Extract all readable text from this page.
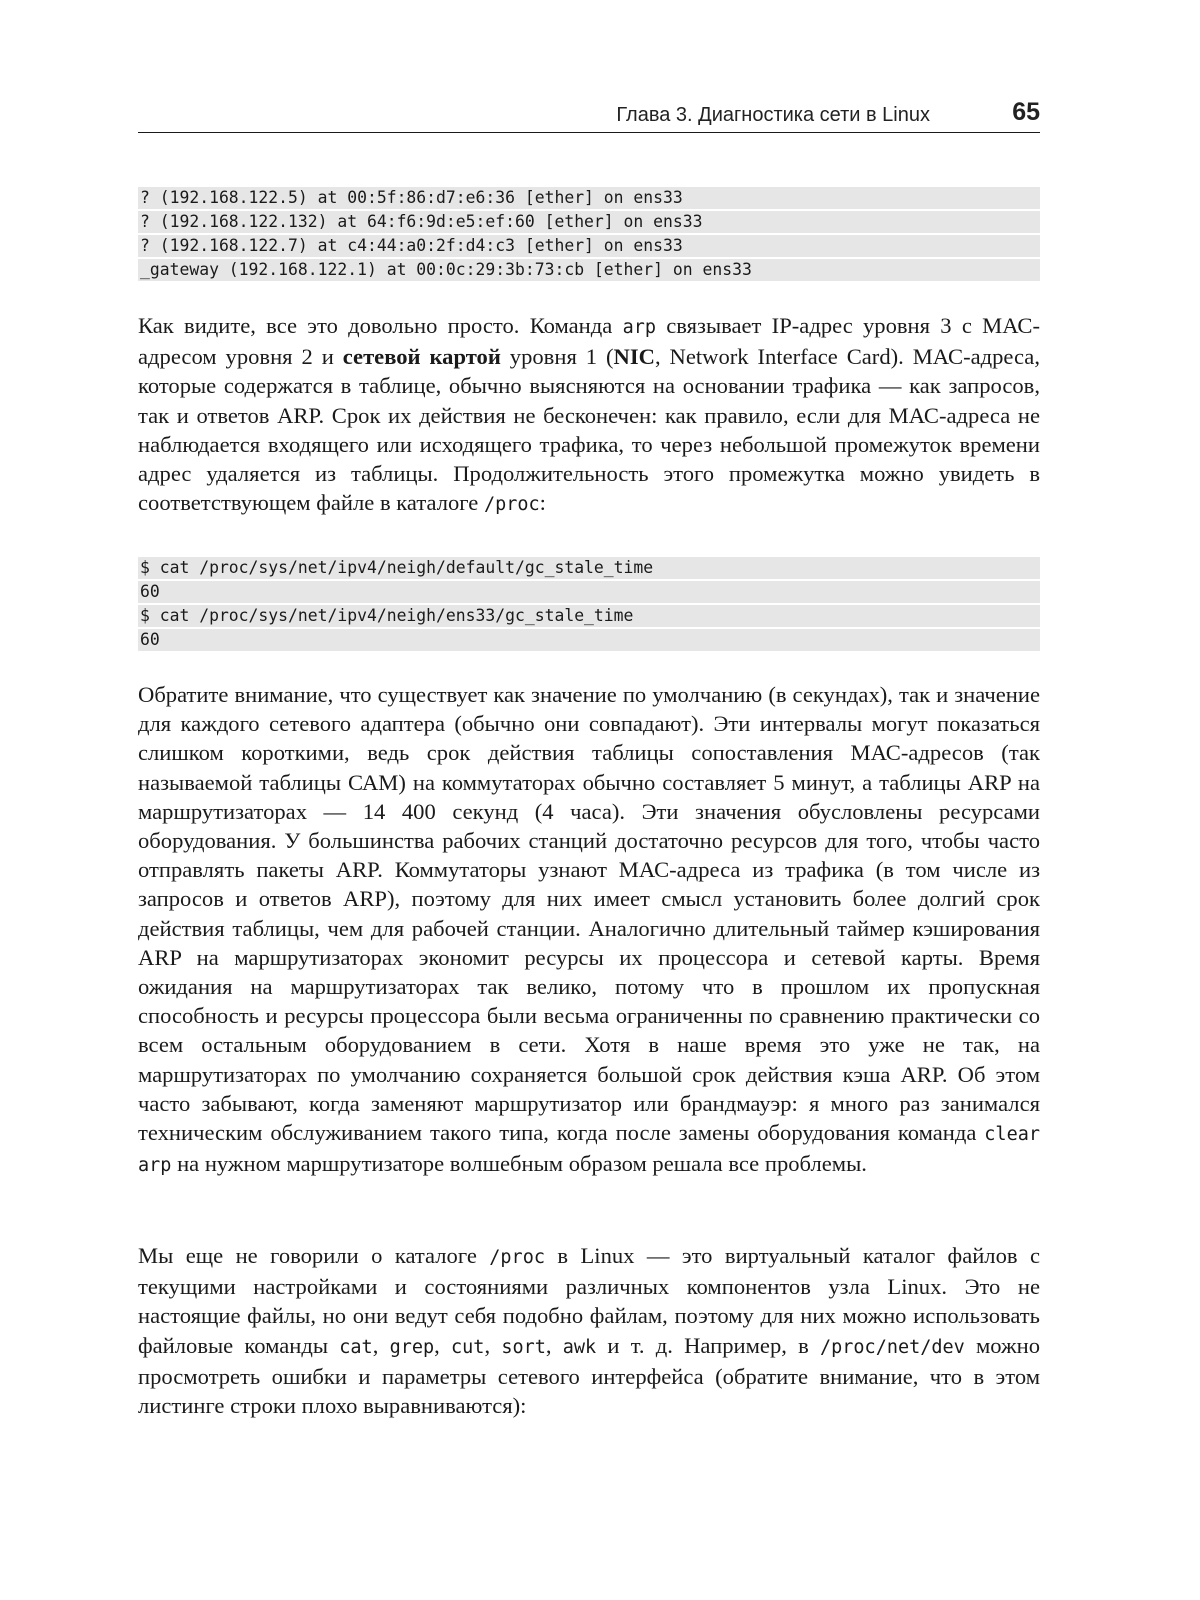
Глава 3. Диагностика сети в Linux	65
? (192.168.122.5) at 00:5f:86:d7:e6:36 [ether] on ens33
? (192.168.122.132) at 64:f6:9d:e5:ef:60 [ether] on ens33
? (192.168.122.7) at c4:44:a0:2f:d4:c3 [ether] on ens33
_gateway (192.168.122.1) at 00:0c:29:3b:73:cb [ether] on ens33

Как видите, все это довольно просто. Команда arp связывает IP-адрес уровня 3 с МАС-адресом уровня 2 и сетевой картой уровня 1 (NIC, Network Interface Card). МАС-адреса, которые содержатся в таблице, обычно выясняются на основании трафика — как запросов, так и ответов ARP. Срок их действия не бесконечен: как правило, если для МАС-адреса не наблюдается входящего или исходящего трафика, то через небольшой промежуток времени адрес удаляется из таблицы. Продолжительность этого промежутка можно увидеть в соответствующем файле в каталоге /proc:

$ cat /proc/sys/net/ipv4/neigh/default/gc_stale_time
60
$ cat /proc/sys/net/ipv4/neigh/ens33/gc_stale_time
60

Обратите внимание, что существует как значение по умолчанию (в секундах), так и значение для каждого сетевого адаптера (обычно они совпадают). Эти интервалы могут показаться слишком короткими, ведь срок действия таблицы сопоставления МАС-адресов (так называемой таблицы САМ) на коммутаторах обычно составляет 5 минут, а таблицы ARP на маршрутизаторах — 14 400 секунд (4 часа). Эти значения обусловлены ресурсами оборудования. У большинства рабочих станций достаточно ресурсов для того, чтобы часто отправлять пакеты ARP. Коммутаторы узнают МАС-адреса из трафика (в том числе из запросов и ответов ARP), поэтому для них имеет смысл установить более долгий срок действия таблицы, чем для рабочей станции. Аналогично длительный таймер кэширования ARP на маршрутизаторах экономит ресурсы их процессора и сетевой карты. Время ожидания на маршрутизаторах так велико, потому что в прошлом их пропускная способность и ресурсы процессора были весьма ограниченны по сравнению практически со всем остальным оборудованием в сети. Хотя в наше время это уже не так, на маршрутизаторах по умолчанию сохраняется большой срок действия кэша ARP. Об этом часто забывают, когда заменяют маршрутизатор или брандмауэр: я много раз занимался техническим обслуживанием такого типа, когда после замены оборудования команда clear arp на нужном маршрутизаторе волшебным образом решала все проблемы.

Мы еще не говорили о каталоге /proc в Linux — это виртуальный каталог файлов с текущими настройками и состояниями различных компонентов узла Linux. Это не настоящие файлы, но они ведут себя подобно файлам, поэтому для них можно использовать файловые команды cat, grep, cut, sort, awk и т. д. Например, в /proc/net/dev можно просмотреть ошибки и параметры сетевого интерфейса (обратите внимание, что в этом листинге строки плохо выравниваются):
